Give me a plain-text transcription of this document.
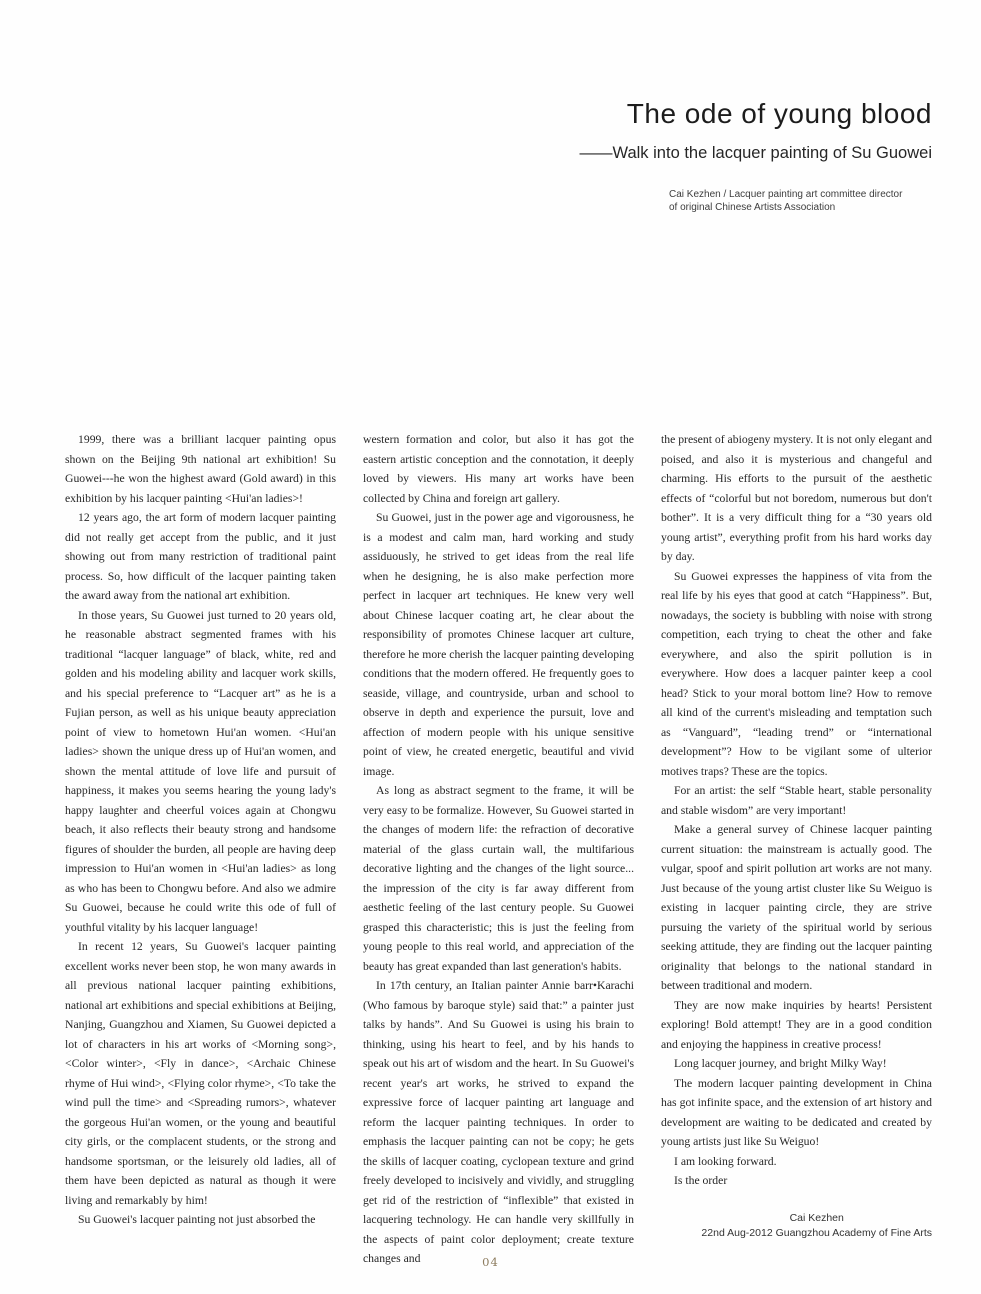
The ode of young blood
——Walk into the lacquer painting of Su Guowei
Cai Kezhen / Lacquer painting art committee director
of original Chinese Artists Association

1999, there was a brilliant lacquer painting opus shown on the Beijing 9th national art exhibition! Su Guowei---he won the highest award (Gold award) in this exhibition by his lacquer painting <Hui'an ladies>!

12 years ago, the art form of modern lacquer painting did not really get accept from the public, and it just showing out from many restriction of traditional paint process. So, how difficult of the lacquer painting taken the award away from the national art exhibition.

In those years, Su Guowei just turned to 20 years old, he reasonable abstract segmented frames with his traditional “lacquer language” of black, white, red and golden and his modeling ability and lacquer work skills, and his special preference to “Lacquer art” as he is a Fujian person, as well as his unique beauty appreciation point of view to hometown Hui'an women. <Hui'an ladies> shown the unique dress up of Hui'an women, and shown the mental attitude of love life and pursuit of happiness, it makes you seems hearing the young lady's happy laughter and cheerful voices again at Chongwu beach, it also reflects their beauty strong and handsome figures of shoulder the burden, all people are having deep impression to Hui'an women in <Hui'an ladies> as long as who has been to Chongwu before. And also we admire Su Guowei, because he could write this ode of full of youthful vitality by his lacquer language!

In recent 12 years, Su Guowei's lacquer painting excellent works never been stop, he won many awards in all previous national lacquer painting exhibitions, national art exhibitions and special exhibitions at Beijing, Nanjing, Guangzhou and Xiamen, Su Guowei depicted a lot of characters in his art works of <Morning song>, <Color winter>, <Fly in dance>, <Archaic Chinese rhyme of Hui wind>, <Flying color rhyme>, <To take the wind pull the time> and <Spreading rumors>, whatever the gorgeous Hui'an women, or the young and beautiful city girls, or the complacent students, or the strong and handsome sportsman, or the leisurely old ladies, all of them have been depicted as natural as though it were living and remarkably by him!

Su Guowei's lacquer painting not just absorbed the

western formation and color, but also it has got the eastern artistic conception and the connotation, it deeply loved by viewers. His many art works have been collected by China and foreign art gallery.

Su Guowei, just in the power age and vigorousness, he is a modest and calm man, hard working and study assiduously, he strived to get ideas from the real life when he designing, he is also make perfection more perfect in lacquer art techniques. He knew very well about Chinese lacquer coating art, he clear about the responsibility of promotes Chinese lacquer art culture, therefore he more cherish the lacquer painting developing conditions that the modern offered. He frequently goes to seaside, village, and countryside, urban and school to observe in depth and experience the pursuit, love and affection of modern people with his unique sensitive point of view, he created energetic, beautiful and vivid image.

As long as abstract segment to the frame, it will be very easy to be formalize. However, Su Guowei started in the changes of modern life: the refraction of decorative material of the glass curtain wall, the multifarious decorative lighting and the changes of the light source... the impression of the city is far away different from aesthetic feeling of the last century people. Su Guowei grasped this characteristic; this is just the feeling from young people to this real world, and appreciation of the beauty has great expanded than last generation's habits.

In 17th century, an Italian painter Annie barr•Karachi (Who famous by baroque style) said that:” a painter just talks by hands”. And Su Guowei is using his brain to thinking, using his heart to feel, and by his hands to speak out his art of wisdom and the heart. In Su Guowei's recent year's art works, he strived to expand the expressive force of lacquer painting art language and reform the lacquer painting techniques. In order to emphasis the lacquer painting can not be copy; he gets the skills of lacquer coating, cyclopean texture and grind freely developed to incisively and vividly, and struggling get rid of the restriction of “inflexible” that existed in lacquering technology. He can handle very skillfully in the aspects of paint color deployment; create texture changes and

the present of abiogeny mystery. It is not only elegant and poised, and also it is mysterious and changeful and charming. His efforts to the pursuit of the aesthetic effects of “colorful but not boredom, numerous but don't bother”. It is a very difficult thing for a “30 years old young artist”, everything profit from his hard works day by day.

Su Guowei expresses the happiness of vita from the real life by his eyes that good at catch “Happiness”. But, nowadays, the society is bubbling with noise with strong competition, each trying to cheat the other and fake everywhere, and also the spirit pollution is in everywhere. How does a lacquer painter keep a cool head? Stick to your moral bottom line? How to remove all kind of the current's misleading and temptation such as “Vanguard”, “leading trend” or “international development”? How to be vigilant some of ulterior motives traps? These are the topics.

For an artist: the self “Stable heart, stable personality and stable wisdom” are very important!

Make a general survey of Chinese lacquer painting current situation: the mainstream is actually good. The vulgar, spoof and spirit pollution art works are not many. Just because of the young artist cluster like Su Weiguo is existing in lacquer painting circle, they are strive pursuing the variety of the spiritual world by serious seeking attitude, they are finding out the lacquer painting originality that belongs to the national standard in between traditional and modern.

They are now make inquiries by hearts! Persistent exploring! Bold attempt! They are in a good condition and enjoying the happiness in creative process!

Long lacquer journey, and bright Milky Way!

The modern lacquer painting development in China has got infinite space, and the extension of art history and development are waiting to be dedicated and created by young artists just like Su Weiguo!

I am looking forward.

Is the order

Cai Kezhen
22nd Aug-2012 Guangzhou Academy of Fine Arts
04
